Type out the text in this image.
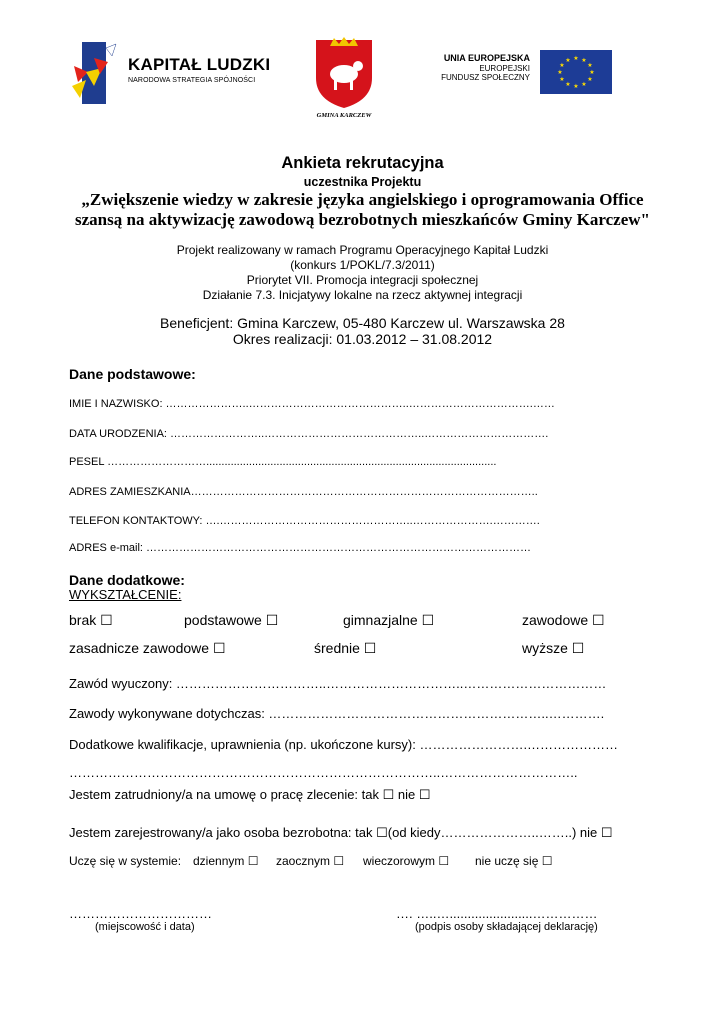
KAPITAŁ LUDZKI
NARODOWA STRATEGIA SPÓJNOŚCI
GMINA KARCZEW
UNIA EUROPEJSKA
EUROPEJSKI
FUNDUSZ SPOŁECZNY
★ ★
★
★
★
★
★
★
★
★
★
★
Ankieta rekrutacyjna
uczestnika Projektu
„Zwiększenie wiedzy w zakresie języka angielskiego i oprogramowania Office
szansą na aktywizację zawodową bezrobotnych mieszkańców Gminy Karczew"
Projekt realizowany w ramach Programu Operacyjnego Kapitał Ludzki
(konkurs 1/POKL/7.3/2011)
Priorytet VII. Promocja integracji społecznej
Działanie 7.3. Inicjatywy lokalne na rzecz aktywnej integracji
Beneficjent: Gmina Karczew, 05-480 Karczew ul. Warszawska 28
Okres realizacji: 01.03.2012 – 31.08.2012
Dane podstawowe:
IMIE I NAZWISKO: …………………..……………………………………..…………………………….……
DATA URODZENIA: ……………………..……………………………………..…………………………….
PESEL ………………………...............................................................................................
ADRES ZAMIESZKANIA…………………………………………………………………………………..
TELEFON KONTAKTOWY: ….……………………………………………..………………….………….
ADRES e-mail: ……………………………………………………………………………………………
Dane dodatkowe:
WYKSZTAŁCENIE:
brak ☐	podstawowe ☐	gimnazjalne ☐	zawodowe ☐
zasadnicze zawodowe ☐	średnie ☐	wyższe ☐
Zawód wyuczony: ……………………………..…………………………..……………………………
Zawody wykonywane dotychczas: ………………………………………………………..………….
Dodatkowe kwalifikacje, uprawnienia (np. ukończone kursy): …………………….…………………
…………………………………………………………………………..…………………………..
Jestem zatrudniony/a na umowę o pracę zlecenie: tak ☐ nie ☐
Jestem zarejestrowany/a jako osoba bezrobotna: tak ☐(od kiedy…………………..……..) nie ☐
Uczę się w systemie: dziennym ☐ zaocznym ☐ wieczorowym ☐ nie uczę się ☐
……………………………	…. …..….......................……………
(miejscowość i data)	(podpis osoby składającej deklarację)
